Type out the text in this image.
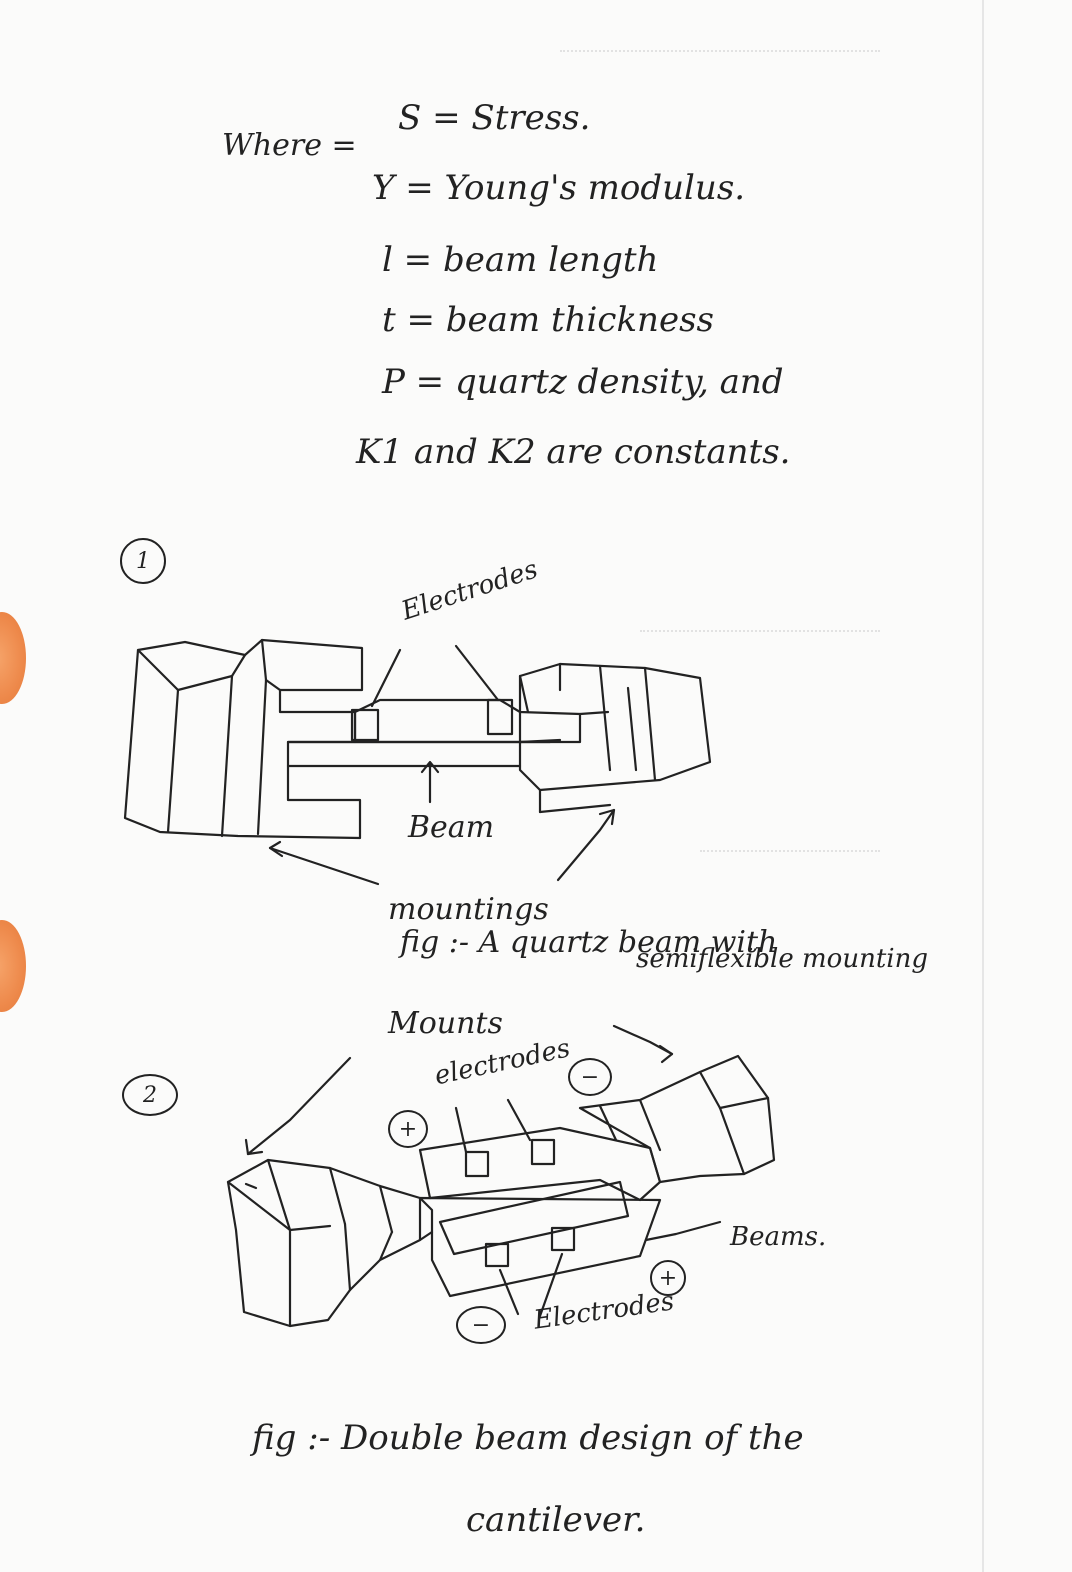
Where =
S = Stress.
Y = Young's modulus.
l = beam length
t = beam thickness
P = quartz density, and
K1 and K2 are constants.
1	Electrodes
Beam
mountings
fig :- A quartz beam with
semiflexible mounting
2
Mounts
electrodes −
+
Beams.
+
−	Electrodes
fig :- Double beam design of the
cantilever.
